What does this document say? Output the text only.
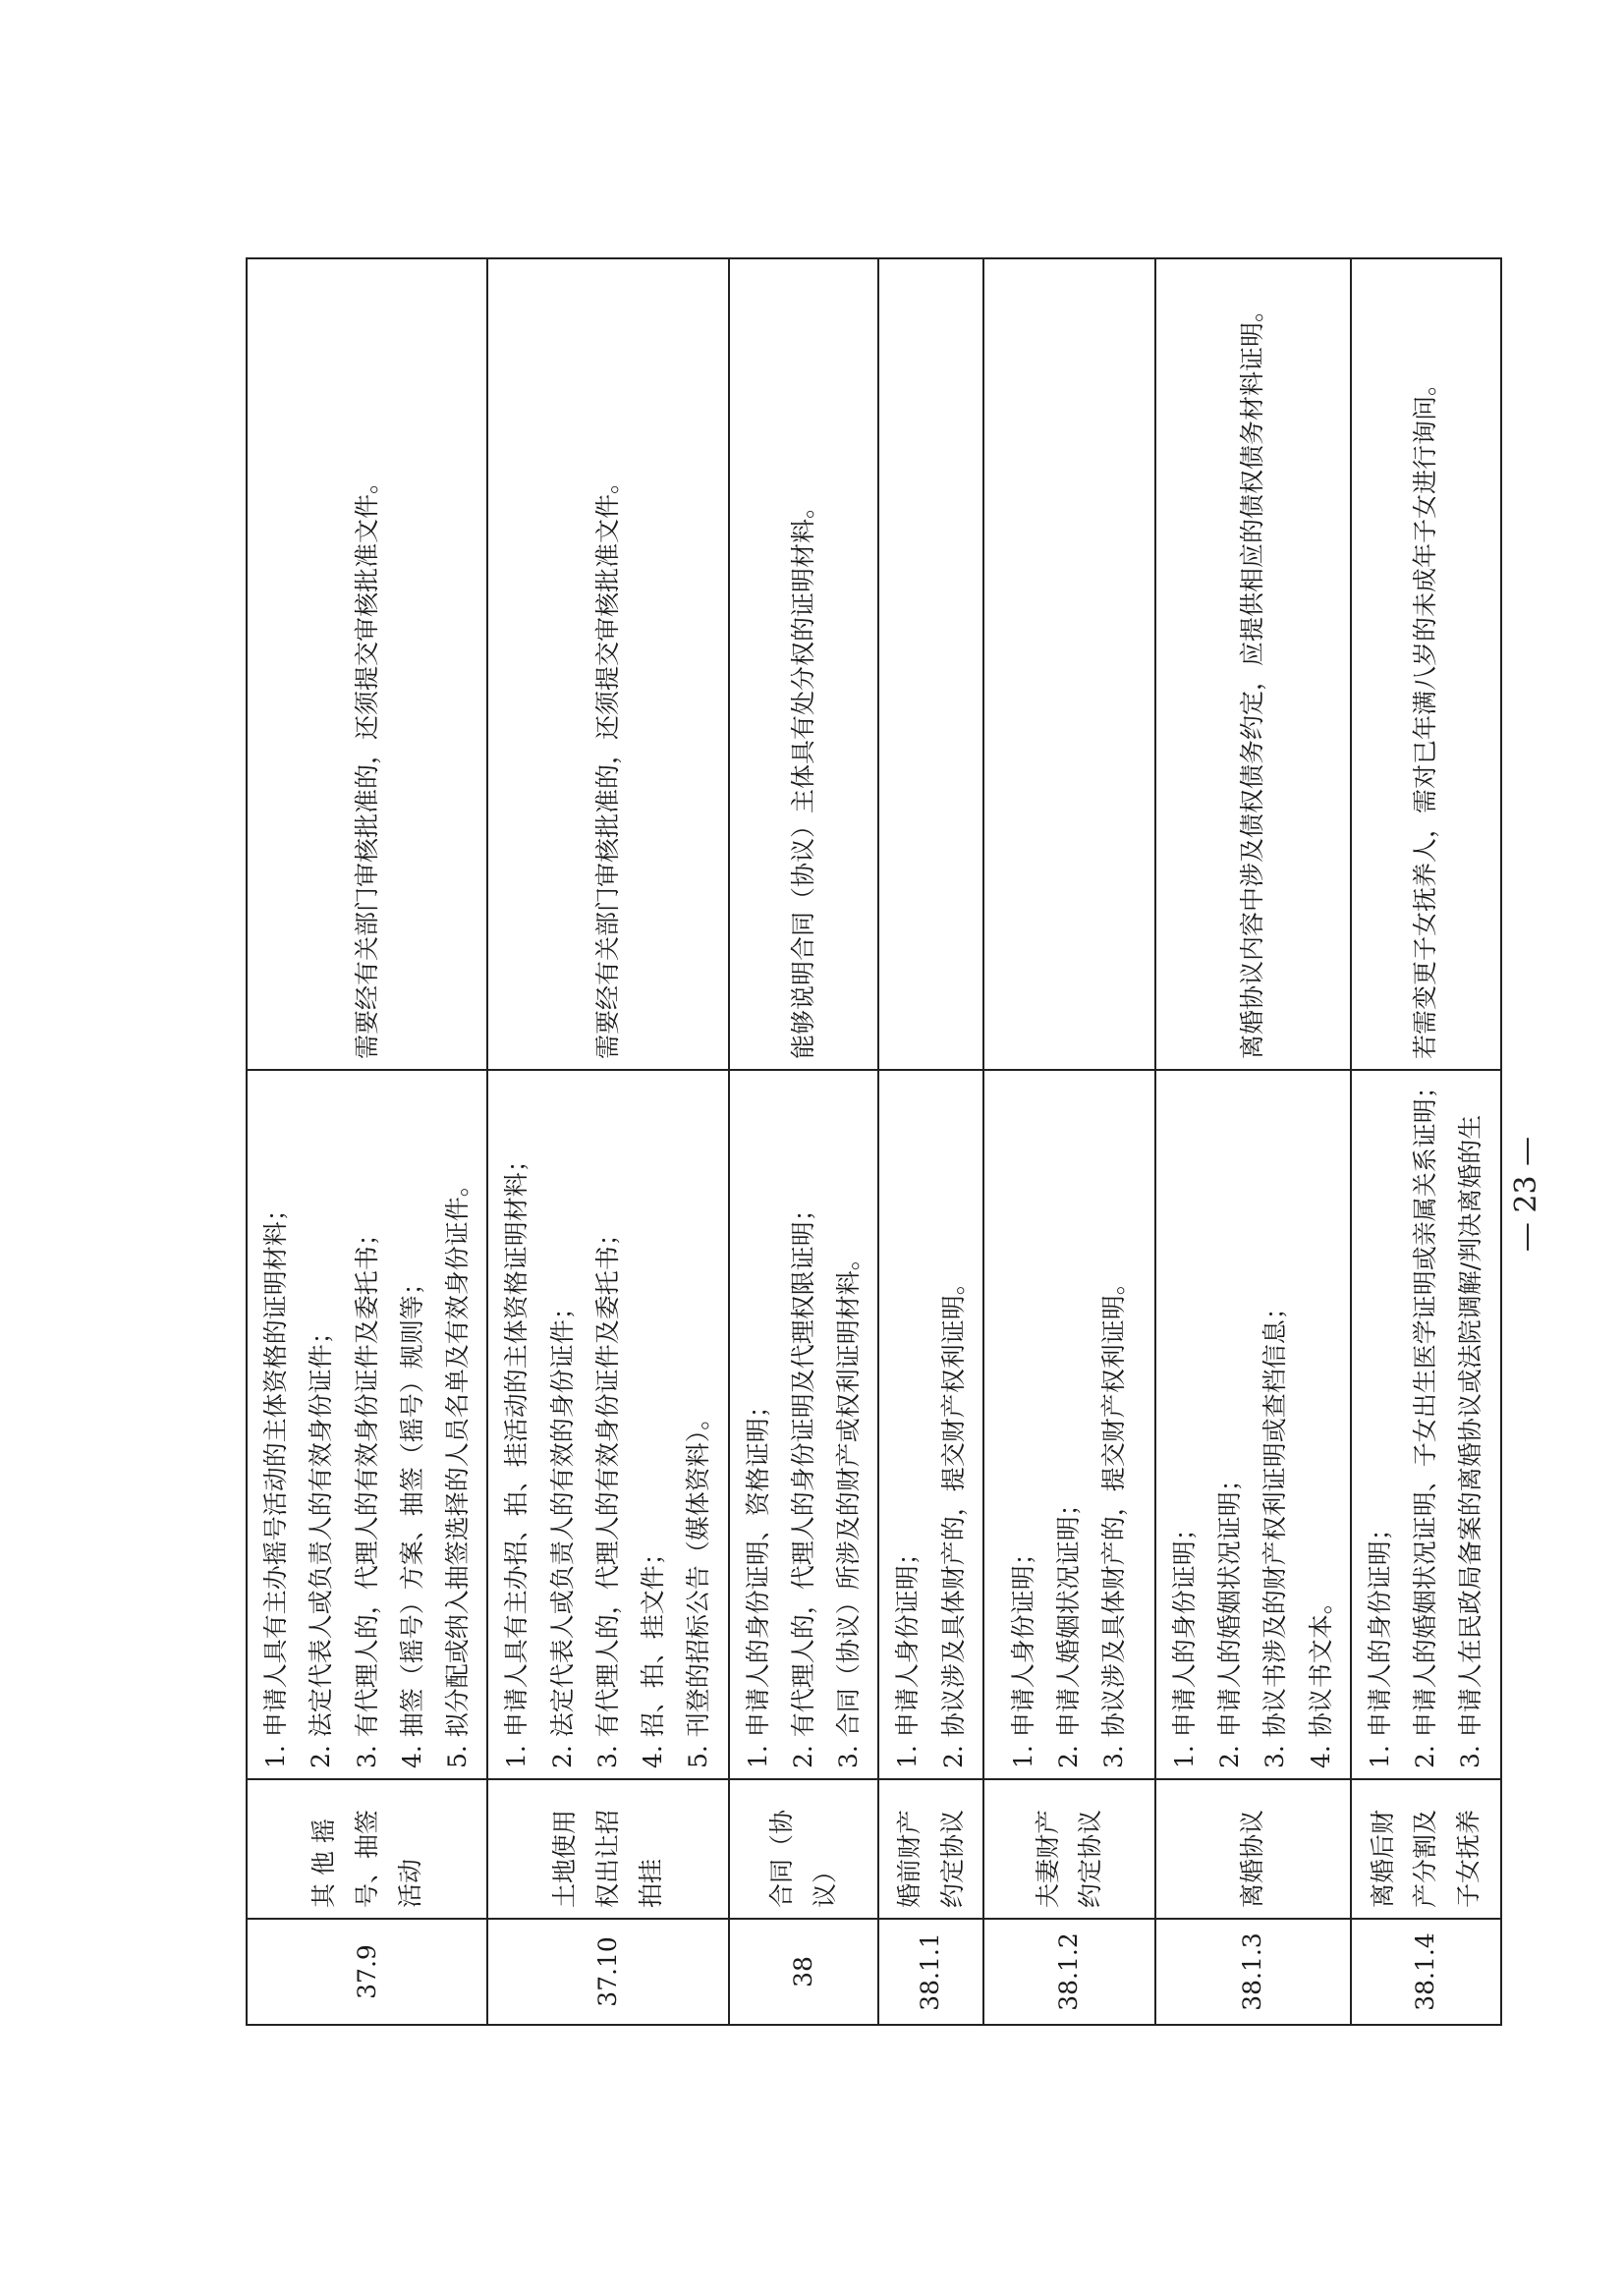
37.9	其 他 摇号、抽签活动	1. 申请人具有主办摇号活动的主体资格的证明材料； 2. 法定代表人或负责人的有效身份证件； 3. 有代理人的，代理人的有效身份证件及委托书； 4. 抽签（摇号）方案、抽签（摇号）规则等； 5. 拟分配或纳入抽签选择的人员名单及有效身份证件。	需要经有关部门审核批准的，还须提交审核批准文件。

37.10	土地使用权出让招拍挂	1. 申请人具有主办招、拍、挂活动的主体资格证明材料； 2. 法定代表人或负责人的有效的身份证件； 3. 有代理人的，代理人的有效身份证件及委托书； 4. 招、拍、挂文件； 5. 刊登的招标公告（媒体资料）。	需要经有关部门审核批准的，还须提交审核批准文件。

38	合同（协议）	1. 申请人的身份证明、资格证明； 2. 有代理人的，代理人的身份证明及代理权限证明； 3. 合同（协议）所涉及的财产或权利证明材料。	能够说明合同（协议）主体具有处分权的证明材料。

38.1.1	婚前财产约定协议	1. 申请人身份证明； 2. 协议涉及具体财产的，提交财产权利证明。	

38.1.2	夫妻财产约定协议	1. 申请人身份证明； 2. 申请人婚姻状况证明； 3. 协议涉及具体财产的，提交财产权利证明。	

38.1.3	离婚协议	1. 申请人的身份证明； 2. 申请人的婚姻状况证明； 3. 协议书涉及的财产权利证明或查档信息； 4. 协议书文本。	离婚协议内容中涉及债权债务约定，应提供相应的债权债务材料证明。

38.1.4	离婚后财产分割及子女抚养	1. 申请人的身份证明； 2. 申请人的婚姻状况证明、子女出生医学证明或亲属关系证明； 3. 申请人在民政局备案的离婚协议或法院调解/判决离婚的生	若需变更子女抚养人，需对已年满八岁的未成年子女进行询问。
— 23 —
